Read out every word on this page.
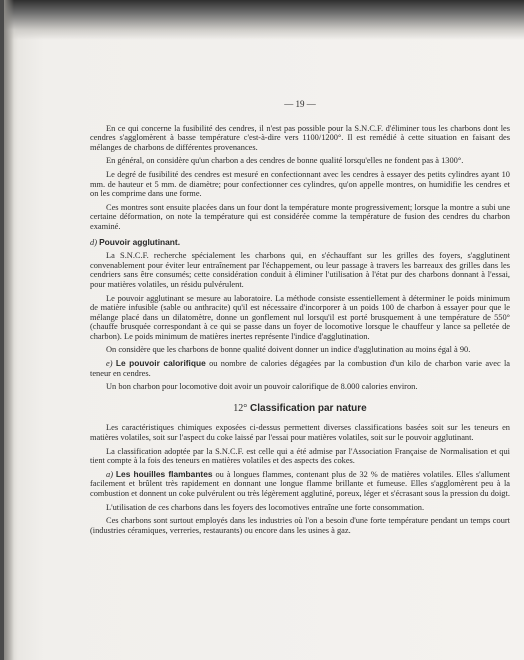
— 19 —

En ce qui concerne la fusibilité des cendres, il n'est pas possible pour la S.N.C.F. d'éliminer tous les charbons dont les cendres s'agglomèrent à basse température c'est-à-dire vers 1100/1200°. Il est remédié à cette situation en faisant des mélanges de charbons de différentes provenances.

En général, on considère qu'un charbon a des cendres de bonne qualité lorsqu'elles ne fondent pas à 1300°.

Le degré de fusibilité des cendres est mesuré en confectionnant avec les cendres à essayer des petits cylindres ayant 10 mm. de hauteur et 5 mm. de diamètre; pour confectionner ces cylindres, qu'on appelle montres, on humidifie les cendres et on les comprime dans une forme.

Ces montres sont ensuite placées dans un four dont la température monte progressivement; lorsque la montre a subi une certaine déformation, on note la température qui est considérée comme la température de fusion des cendres du charbon examiné.

d) Pouvoir agglutinant.

La S.N.C.F. recherche spécialement les charbons qui, en s'échauffant sur les grilles des foyers, s'agglutinent convenablement pour éviter leur entraînement par l'échappement, ou leur passage à travers les barreaux des grilles dans les cendriers sans être consumés; cette considération conduit à éliminer l'utilisation à l'état pur des charbons donnant à l'essai, pour matières volatiles, un résidu pulvérulent.

Le pouvoir agglutinant se mesure au laboratoire. La méthode consiste essentiellement à déterminer le poids minimum de matière infusible (sable ou anthracite) qu'il est nécessaire d'incorporer à un poids 100 de charbon à essayer pour que le mélange placé dans un dilatomètre, donne un gonflement nul lorsqu'il est porté brusquement à une température de 550° (chauffe brusquée correspondant à ce qui se passe dans un foyer de locomotive lorsque le chauffeur y lance sa pelletée de charbon). Le poids minimum de matières inertes représente l'indice d'agglutination.

On considère que les charbons de bonne qualité doivent donner un indice d'agglutination au moins égal à 90.

e) Le pouvoir calorifique ou nombre de calories dégagées par la combustion d'un kilo de charbon varie avec la teneur en cendres.

Un bon charbon pour locomotive doit avoir un pouvoir calorifique de 8.000 calories environ.

12° Classification par nature

Les caractéristiques chimiques exposées ci-dessus permettent diverses classifications basées soit sur les teneurs en matières volatiles, soit sur l'aspect du coke laissé par l'essai pour matières volatiles, soit sur le pouvoir agglutinant.

La classification adoptée par la S.N.C.F. est celle qui a été admise par l'Association Française de Normalisation et qui tient compte à la fois des teneurs en matières volatiles et des aspects des cokes.

a) Les houilles flambantes ou à longues flammes, contenant plus de 32 % de matières volatiles. Elles s'allument facilement et brûlent très rapidement en donnant une longue flamme brillante et fumeuse. Elles s'agglomèrent peu à la combustion et donnent un coke pulvérulent ou très légèrement agglutiné, poreux, léger et s'écrasant sous la pression du doigt.

L'utilisation de ces charbons dans les foyers des locomotives entraîne une forte consommation.

Ces charbons sont surtout employés dans les industries où l'on a besoin d'une forte température pendant un temps court (industries céramiques, verreries, restaurants) ou encore dans les usines à gaz.
